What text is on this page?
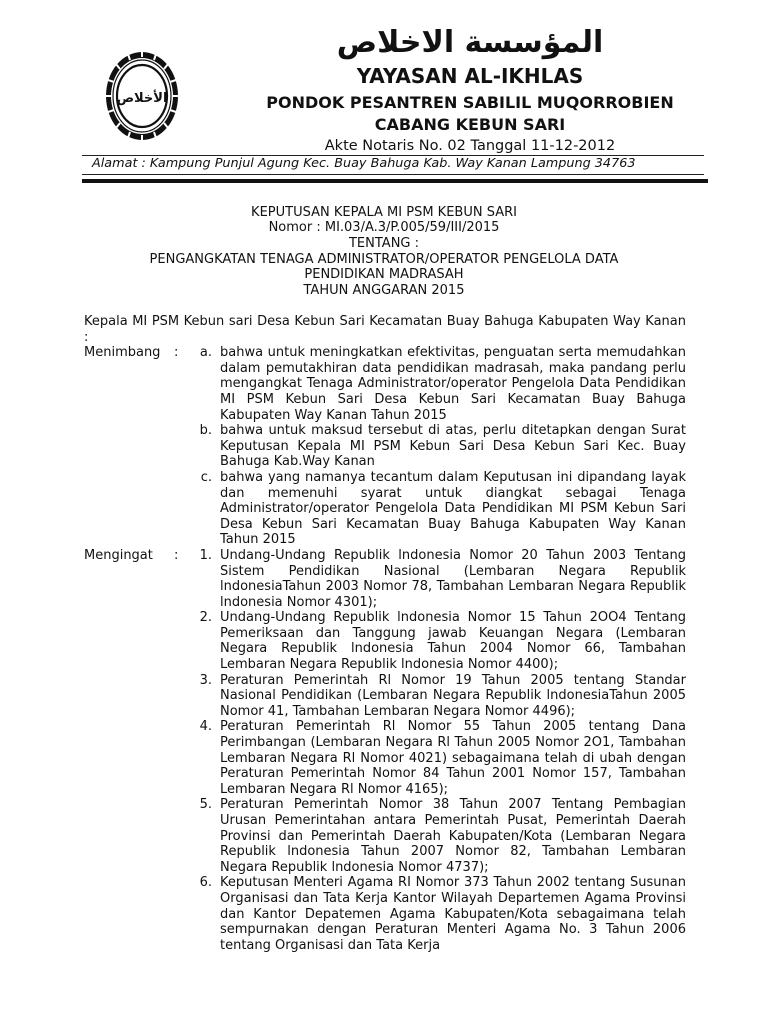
الأخلاص
المؤسسة الاخلاص
YAYASAN AL-IKHLAS
PONDOK PESANTREN SABILIL MUQORROBIEN
CABANG KEBUN SARI
Akte Notaris No. 02 Tanggal 11-12-2012
Alamat : Kampung Punjul Agung Kec. Buay Bahuga Kab. Way Kanan Lampung 34763
KEPUTUSAN KEPALA MI PSM KEBUN SARI
Nomor : MI.03/A.3/P.005/59/III/2015
TENTANG :
PENGANGKATAN TENAGA ADMINISTRATOR/OPERATOR PENGELOLA DATA
PENDIDIKAN MADRASAH
TAHUN ANGGARAN 2015

Kepala MI PSM Kebun sari Desa Kebun Sari Kecamatan Buay Bahuga Kabupaten Way Kanan :

Menimbang :	a. bahwa untuk meningkatkan efektivitas, penguatan serta memudahkan dalam pemutakhiran data pendidikan madrasah, maka pandang perlu mengangkat Tenaga Administrator/operator Pengelola Data Pendidikan MI PSM Kebun Sari Desa Kebun Sari Kecamatan Buay Bahuga Kabupaten Way Kanan Tahun 2015
b. bahwa untuk maksud tersebut di atas, perlu ditetapkan dengan Surat Keputusan Kepala MI PSM Kebun Sari Desa Kebun Sari Kec. Buay Bahuga Kab.Way Kanan
c. bahwa yang namanya tecantum dalam Keputusan ini dipandang layak dan memenuhi syarat untuk diangkat sebagai Tenaga Administrator/operator Pengelola Data Pendidikan MI PSM Kebun Sari Desa Kebun Sari Kecamatan Buay Bahuga Kabupaten Way Kanan Tahun 2015
Mengingat :	1. Undang-Undang Republik lndonesia Nomor 20 Tahun 2003 Tentang Sistem Pendidikan Nasional (Lembaran Negara Republik lndonesiaTahun 2003 Nomor 78, Tambahan Lembaran Negara Republik lndonesia Nomor 4301);
2. Undang-Undang Republik lndonesia Nomor 15 Tahun 2OO4 Tentang Pemeriksaan dan Tanggung jawab Keuangan Negara (Lembaran Negara Republik lndonesia Tahun 2004 Nomor 66, Tambahan Lembaran Negara Republik lndonesia Nomor 4400);
3. Peraturan Pemerintah Rl Nomor 19 Tahun 2005 tentang Standar Nasional Pendidikan (Lembaran Negara Republik lndonesiaTahun 2005 Nomor 41, Tambahan Lembaran Negara Nomor 4496);
4. Peraturan Pemerintah Rl Nomor 55 Tahun 2005 tentang Dana Perimbangan (Lembaran Negara Rl Tahun 2005 Nomor 2O1, Tambahan Lembaran Negara Rl Nomor 4021) sebagaimana telah di ubah dengan Peraturan Pemerintah Nomor 84 Tahun 2001 Nomor 157, Tambahan Lembaran Negara Rl Nomor 4165);
5. Peraturan Pemerintah Nomor 38 Tahun 2007 Tentang Pembagian Urusan Pemerintahan antara Pemerintah Pusat, Pemerintah Daerah Provinsi dan Pemerintah Daerah Kabupaten/Kota (Lembaran Negara Republik lndonesia Tahun 2007 Nomor 82, Tambahan Lembaran Negara Republik lndonesia Nomor 4737);
6. Keputusan Menteri Agama RI Nomor 373 Tahun 2002 tentang Susunan Organisasi dan Tata Kerja Kantor Wilayah Departemen Agama Provinsi dan Kantor Depatemen Agama Kabupaten/Kota sebagaimana telah sempurnakan dengan Peraturan Menteri Agama No. 3 Tahun 2006 tentang Organisasi dan Tata Kerja
